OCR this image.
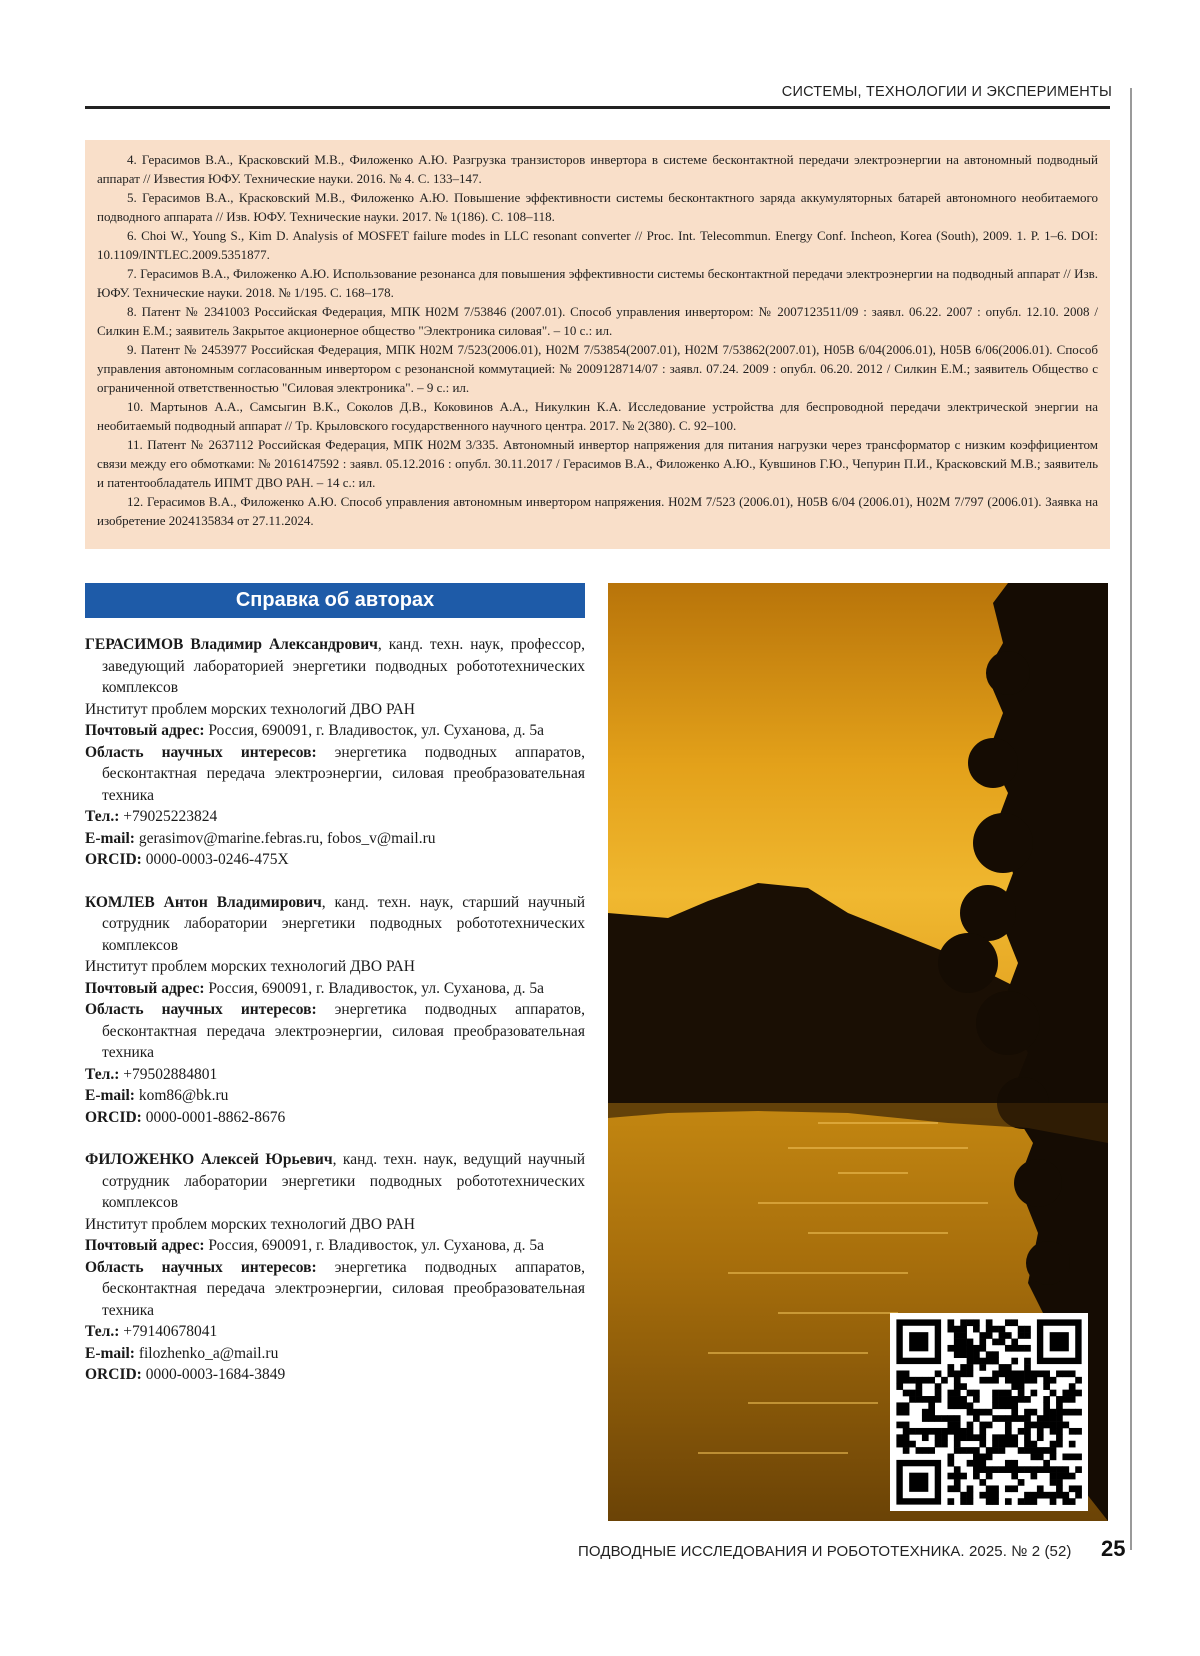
СИСТЕМЫ, ТЕХНОЛОГИИ И ЭКСПЕРИМЕНТЫ

4. Герасимов В.А., Красковский М.В., Филоженко А.Ю. Разгрузка транзисторов инвертора в системе бесконтактной передачи электроэнергии на автономный подводный аппарат // Известия ЮФУ. Технические науки. 2016. № 4. С. 133–147.

5. Герасимов В.А., Красковский М.В., Филоженко А.Ю. Повышение эффективности системы бесконтактного заряда аккумуляторных батарей автономного необитаемого подводного аппарата // Изв. ЮФУ. Технические науки. 2017. № 1(186). С. 108–118.

6. Choi W., Young S., Kim D. Analysis of MOSFET failure modes in LLC resonant converter // Proc. Int. Telecommun. Energy Conf. Incheon, Korea (South), 2009. 1. P. 1–6. DOI: 10.1109/INTLEC.2009.5351877.

7. Герасимов В.А., Филоженко А.Ю. Использование резонанса для повышения эффективности системы бесконтактной передачи электроэнергии на подводный аппарат // Изв. ЮФУ. Технические науки. 2018. № 1/195. С. 168–178.

8. Патент № 2341003 Российская Федерация, МПК H02M 7/53846 (2007.01). Способ управления инвертором: № 2007123511/09 : заявл. 06.22. 2007 : опубл. 12.10. 2008 / Силкин Е.М.; заявитель Закрытое акционерное общество "Электроника силовая". – 10 с.: ил.

9. Патент № 2453977 Российская Федерация, МПК H02M 7/523(2006.01), H02M 7/53854(2007.01), H02M 7/53862(2007.01), H05B 6/04(2006.01), H05B 6/06(2006.01). Способ управления автономным согласованным инвертором с резонансной коммутацией: № 2009128714/07 : заявл. 07.24. 2009 : опубл. 06.20. 2012 / Силкин Е.М.; заявитель Общество с ограниченной ответственностью "Силовая электроника". – 9 с.: ил.

10. Мартынов А.А., Самсыгин В.К., Соколов Д.В., Коковинов А.А., Никулкин К.А. Исследование устройства для беспроводной передачи электрической энергии на необитаемый подводный аппарат // Тр. Крыловского государственного научного центра. 2017. № 2(380). С. 92–100.

11. Патент № 2637112 Российская Федерация, МПК H02M 3/335. Автономный инвертор напряжения для питания нагрузки через трансформатор с низким коэффициентом связи между его обмотками: № 2016147592 : заявл. 05.12.2016 : опубл. 30.11.2017 / Герасимов В.А., Филоженко А.Ю., Кувшинов Г.Ю., Чепурин П.И., Красковский М.В.; заявитель и патентообладатель ИПМТ ДВО РАН. – 14 с.: ил.

12. Герасимов В.А., Филоженко А.Ю. Способ управления автономным инвертором напряжения. H02M 7/523 (2006.01), H05B 6/04 (2006.01), H02M 7/797 (2006.01). Заявка на изобретение 2024135834 от 27.11.2024.

Справка об авторах
ГЕРАСИМОВ Владимир Александрович, канд. техн. наук, профессор, заведующий лабораторией энергетики подводных робототехнических комплексов
Институт проблем морских технологий ДВО РАН
Почтовый адрес: Россия, 690091, г. Владивосток, ул. Суханова, д. 5а
Область научных интересов: энергетика подводных аппаратов, бесконтактная передача электроэнергии, силовая преобразовательная техника
Тел.: +79025223824
E-mail: gerasimov@marine.febras.ru, fobos_v@mail.ru
ORCID: 0000-0003-0246-475X
КОМЛЕВ Антон Владимирович, канд. техн. наук, старший научный сотрудник лаборатории энергетики подводных робототехнических комплексов
Институт проблем морских технологий ДВО РАН
Почтовый адрес: Россия, 690091, г. Владивосток, ул. Суханова, д. 5а
Область научных интересов: энергетика подводных аппаратов, бесконтактная передача электроэнергии, силовая преобразовательная техника
Тел.: +79502884801
E-mail: kom86@bk.ru
ORCID: 0000-0001-8862-8676
ФИЛОЖЕНКО Алексей Юрьевич, канд. техн. наук, ведущий научный сотрудник лаборатории энергетики подводных робототехнических комплексов
Институт проблем морских технологий ДВО РАН
Почтовый адрес: Россия, 690091, г. Владивосток, ул. Суханова, д. 5а
Область научных интересов: энергетика подводных аппаратов, бесконтактная передача электроэнергии, силовая преобразовательная техника
Тел.: +79140678041
E-mail: filozhenko_a@mail.ru
ORCID: 0000-0003-1684-3849
ПОДВОДНЫЕ ИССЛЕДОВАНИЯ И РОБОТОТЕХНИКА. 2025. № 2 (52) 25
